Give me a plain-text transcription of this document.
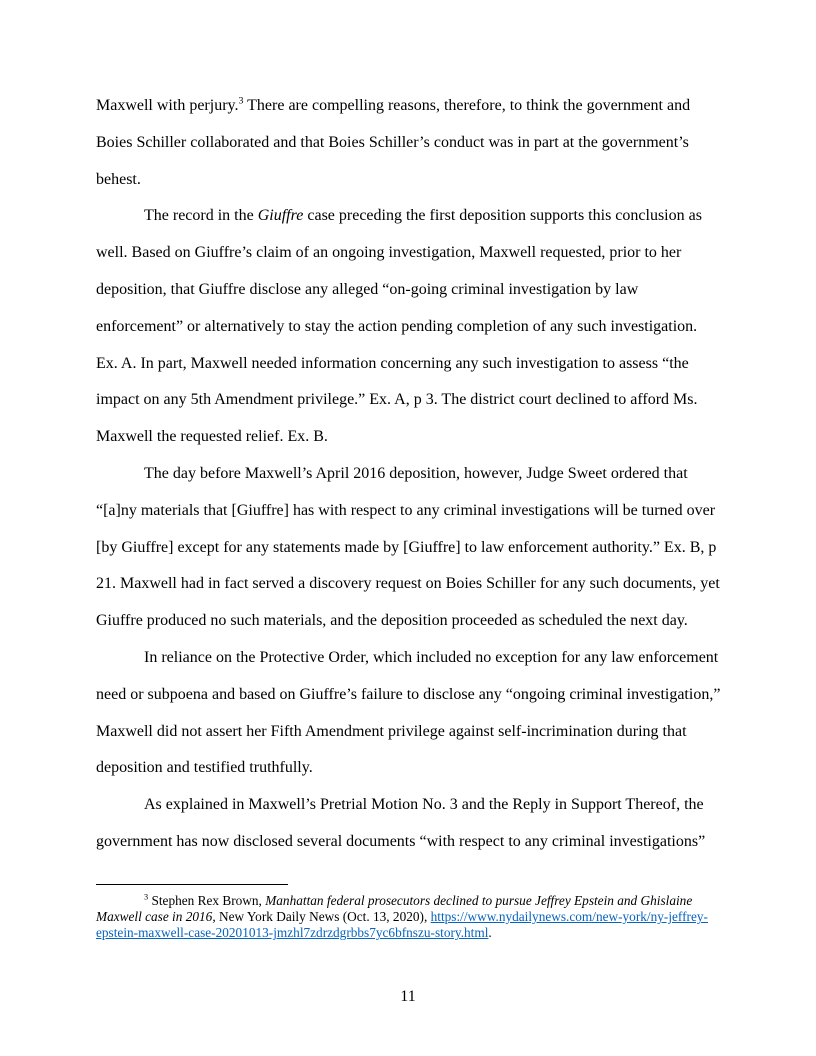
Maxwell with perjury.$^3$ There are compelling reasons, therefore, to think the government and Boies Schiller collaborated and that Boies Schiller’s conduct was in part at the government’s behest.

The record in the Giuffre case preceding the first deposition supports this conclusion as well. Based on Giuffre’s claim of an ongoing investigation, Maxwell requested, prior to her deposition, that Giuffre disclose any alleged “on-going criminal investigation by law enforcement” or alternatively to stay the action pending completion of any such investigation. Ex. A. In part, Maxwell needed information concerning any such investigation to assess “the impact on any 5th Amendment privilege.” Ex. A, p 3. The district court declined to afford Ms. Maxwell the requested relief. Ex. B.

The day before Maxwell’s April 2016 deposition, however, Judge Sweet ordered that “[a]ny materials that [Giuffre] has with respect to any criminal investigations will be turned over [by Giuffre] except for any statements made by [Giuffre] to law enforcement authority.” Ex. B, p 21. Maxwell had in fact served a discovery request on Boies Schiller for any such documents, yet Giuffre produced no such materials, and the deposition proceeded as scheduled the next day.

In reliance on the Protective Order, which included no exception for any law enforcement need or subpoena and based on Giuffre’s failure to disclose any “ongoing criminal investigation,” Maxwell did not assert her Fifth Amendment privilege against self-incrimination during that deposition and testified truthfully.

As explained in Maxwell’s Pretrial Motion No. 3 and the Reply in Support Thereof, the government has now disclosed several documents “with respect to any criminal investigations”

$^3$ Stephen Rex Brown, Manhattan federal prosecutors declined to pursue Jeffrey Epstein and Ghislaine Maxwell case in 2016, New York Daily News (Oct. 13, 2020), https://www.nydailynews.com/new-york/ny-jeffrey-epstein-maxwell-case-20201013-jmzhl7zdrzdgrbbs7yc6bfnszu-story.html.
11
